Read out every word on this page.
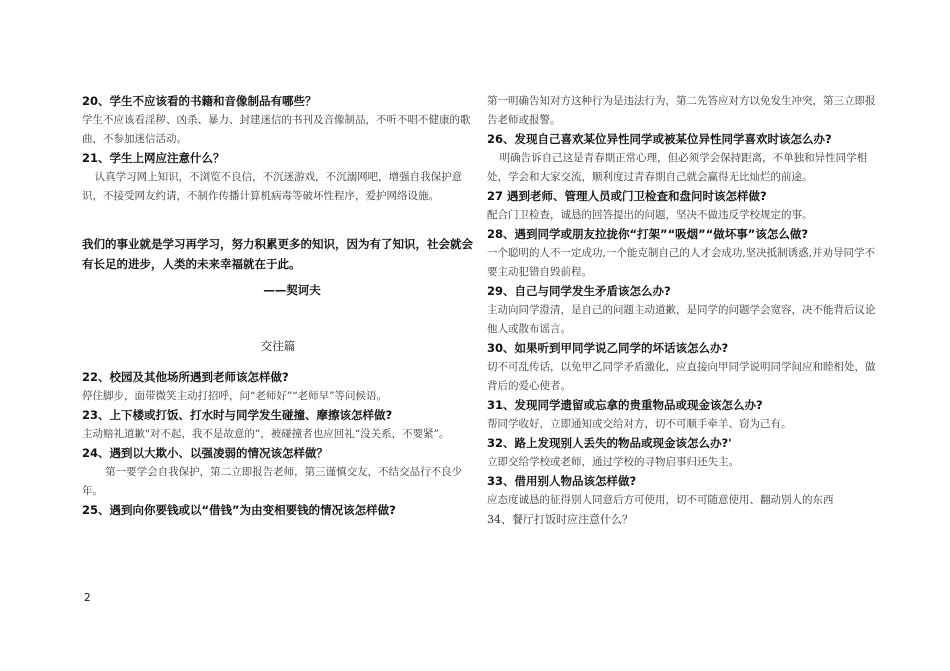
20、学生不应该看的书籍和音像制品有哪些？
学生不应该看淫秽、凶杀、暴力、封建迷信的书刊及音像制品，不听不唱不健康的歌曲，不参加迷信活动。
21、学生上网应注意什么？
认真学习网上知识，不浏览不良信，不沉迷游戏，不沉溺网吧，增强自我保护意识，不接受网友约请，不制作传播计算机病毒等破坏性程序，爱护网络设施。
我们的事业就是学习再学习，努力积累更多的知识，因为有了知识，社会就会有长足的进步，人类的未来幸福就在于此。
——契诃夫
交往篇
22、校园及其他场所遇到老师该怎样做?
停住脚步，面带微笑主动打招呼，问“老师好”“老师早”等问候语。
23、上下楼或打饭、打水时与同学发生碰撞、摩擦该怎样做?
主动赔礼道歉"对不起，我不是故意的”，被碰撞者也应回礼“没关系，不要紧”。
24、遇到以大欺小、以强凌弱的情况该怎样做？
第一要学会自我保护，第二立即报告老师，第三谨慎交友，不结交品行不良少年。
25、遇到向你要钱或以“借钱”为由变相要钱的情况该怎样做?
第一明确告知对方这种行为是违法行为，第二先答应对方以免发生冲突，第三立即报告老师或报警。
26、发现自己喜欢某位异性同学或被某位异性同学喜欢时该怎么办?
明确告诉自己这是青春期正常心理，但必须学会保持距离，不单独和异性同学相处，学会和大家交流，顺利度过青春期自己就会赢得无比灿烂的前途。
27 遇到老师、管理人员或门卫检查和盘问时该怎样做?
配合门卫检查，诚恳的回答提出的问题，坚决不做违反学校规定的事。
28、遇到同学或朋友拉拢你“打架”“吸烟”“做坏事”该怎么做?
一个聪明的人不一定成功,一个能克制自己的人才会成功,坚决抵制诱惑,并劝导同学不要主动犯错自毁前程。
29、自己与同学发生矛盾该怎么办?
主动向同学澄清，是自己的问题主动道歉，是同学的问题学会宽容，决不能背后议论他人或散布谣言。
30、如果听到甲同学说乙同学的坏话该怎么办?
切不可乱传话，以免甲乙同学矛盾激化，应直接向甲同学说明同学间应和睦相处，做背后的爱心使者。
31、发现同学遗留或忘拿的贵重物品或现金该怎么办?
帮同学收好，立即通知或交给对方，切不可顺手牵羊、窃为己有。
32、路上发现别人丢失的物品或现金该怎么办?'
立即交给学校或老师，通过学校的寻物启事归还失主。
33、借用别人物品该怎样做?
应态度诚恳的征得别人同意后方可使用，切不可随意使用、翻动别人的东西
34、餐厅打饭时应注意什么？
2
